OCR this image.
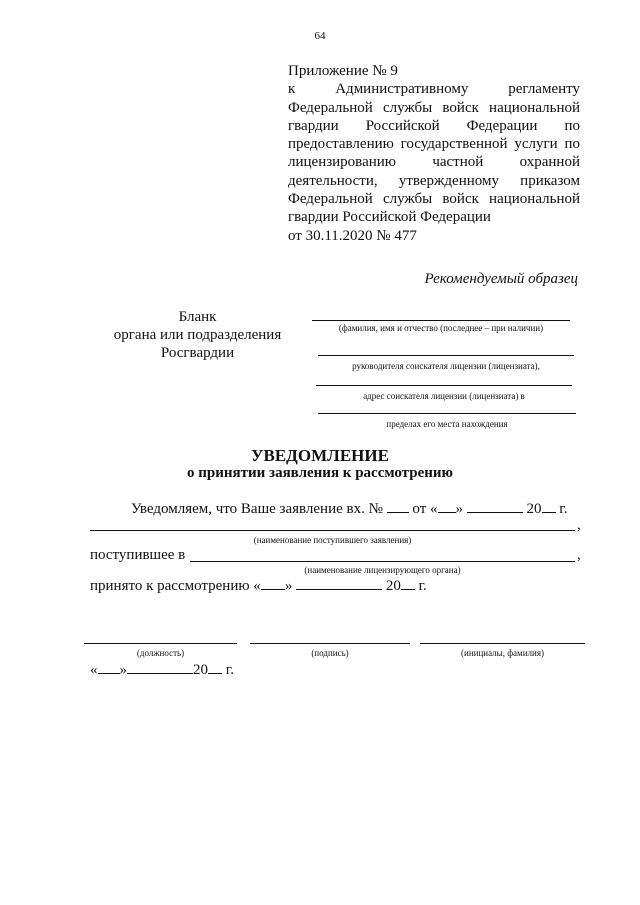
64
Приложение № 9
к Административному регламенту
Федеральной службы войск национальной
гвардии Российской Федерации по
предоставлению государственной услуги по
лицензированию частной охранной
деятельности, утвержденному приказом
Федеральной службы войск национальной
гвардии Российской Федерации
от 30.11.2020 № 477
Рекомендуемый образец
Бланк
органа или подразделения
Росгвардии
(фамилия, имя и отчество (последнее – при наличии)
руководителя соискателя лицензии (лицензиата),
адрес соискателя лицензии (лицензиата) в
пределах его места нахождения
УВЕДОМЛЕНИЕ
о принятии заявления к рассмотрению
Уведомляем, что Ваше заявление вх. № от « »	20 г.
,
(наименование поступившего заявления)
поступившее в	,
(наименование лицензирующего органа)
принято к рассмотрению « »	20 г.
(должность)	(подпись)	(инициалы, фамилия)
« »	20 г.
